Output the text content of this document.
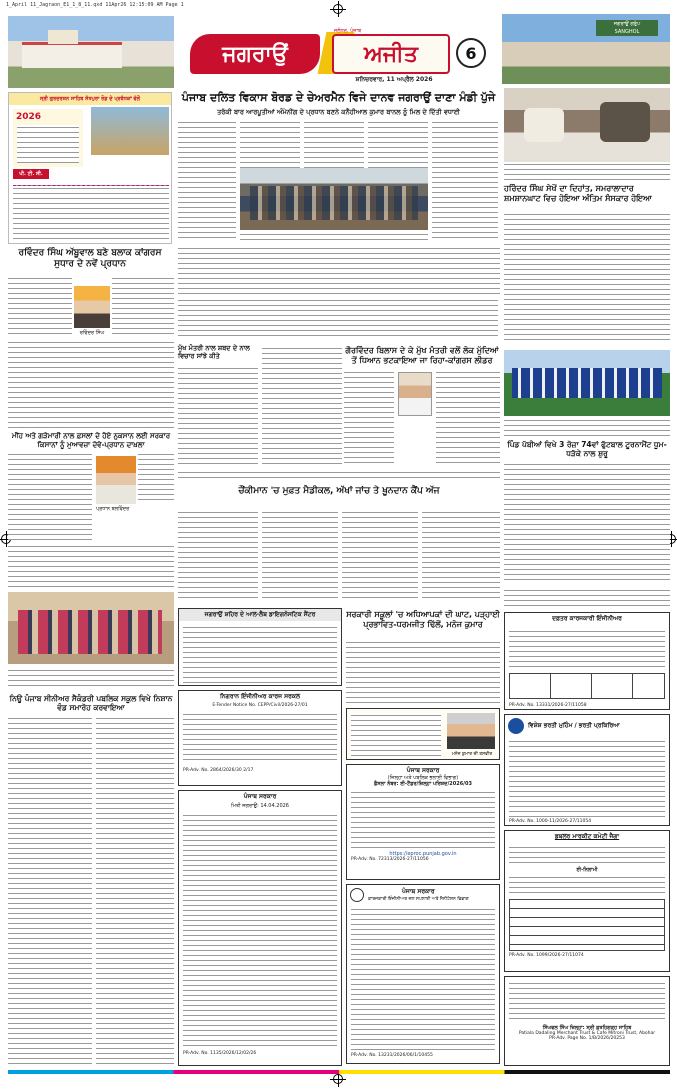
1_April 11_Jagraon_E1_1_8_11.qxd 11Apr26 12:15:09 AM Page 1
ਜਗਰਾਉਂ	ਅਜੀਤ
ਜਲੰਧਰ, ਪੰਜਾਬ
ਸ਼ਨਿਚਰਵਾਰ, 11 ਅਪ੍ਰੈਲ 2026
6
ਜਗਰਾਉਂ ਗਰੁੱਪ
SANGHOL
ਸ੍ਰੀ ਗੁਰਦਰਸ਼ਨ ਸਾਹਿਬ ਸੰਤਪੁਰਾ ਰੋਡ ਦੇ ਪ੍ਰਬੰਧਕਾਂ ਵੱਲੋਂ
2026
ਪੀ. ਟੀ. ਸੀ.
ਪੰਜਾਬ ਦਲਿਤ ਵਿਕਾਸ ਬੋਰਡ ਦੇ ਚੇਅਰਮੈਨ ਵਿਜੇ ਦਾਨਵ ਜਗਰਾਉਂ ਦਾਣਾ ਮੰਡੀ ਪੁੱਜੇ
ਤਰੱਕੀ ਬਾਰ ਆਰਪੂਤੀਆਂ ਅੰਮੇਨੀਂਗ ਦੇ ਪ੍ਰਧਾਨ ਬਣਨੇ ਕਨੈਹੀਆਲ ਕੁਮਾਰ ਬਾਨਲ ਨੂੰ ਮਿਲ ਦੇ ਦਿੱਤੀ ਵਧਾਈ
ਹਰਿੰਦਰ ਸਿੰਘ ਸੇਖੋਂ ਦਾ ਦਿਹਾਂਤ, ਸਮਰਾਲਾਦਾਰ ਸ਼ਮਸ਼ਾਨਘਾਟ ਵਿਚ ਹੋਇਆ ਅੰਤਿਮ ਸੰਸਕਾਰ ਹੋਇਆ
ਰਵਿੰਦਰ ਸਿੰਘ ਅੱਬੂਵਾਲ ਬਣੇ ਬਲਾਕ ਕਾਂਗਰਸ ਸੁਧਾਰ ਦੇ ਨਵੇਂ ਪ੍ਰਧਾਨ
ਰਵਿੰਦਰ ਸਿੰਘ
ਮੁੱਖ ਮੰਤਰੀ ਨਾਲ ਸ਼ਬਦ ਦੇ ਨਾਲ ਵਿਚਾਰ ਸਾਂਝੇ ਕੀਤੇ
ਗੌਰਵਿੰਦਰ ਬਿਲਾਸ ਦੇ ਕੇ ਮੁੱਖ ਮੰਤਰੀ ਵਲੋਂ ਲੋਕ ਮੁੱਦਿਆਂ ਤੋਂ ਧਿਆਨ ਭਟਕਾਇਆ ਜਾ ਰਿਹਾ-ਕਾਂਗਰਸ ਲੀਡਰ
ਪਿੰਡ ਪੱਬੀਆਂ ਵਿਖੇ 3 ਰੋਜ਼ਾ 74ਵਾਂ ਫੁੱਟਬਾਲ ਟੂਰਨਾਮੈਂਟ ਧੂਮ-ਧੜੱਕੇ ਨਾਲ ਸ਼ੁਰੂ
ਮੀਂਹ ਅਤੇ ਗੜੇਮਾਰੀ ਨਾਲ ਫ਼ਸਲਾਂ ਦੇ ਹੋਏ ਨੁਕਸਾਨ ਲਈ ਸਰਕਾਰ ਕਿਸਾਨਾਂ ਨੂੰ ਮੁਆਵਜ਼ਾ ਦੇਵੇ-ਪ੍ਰਧਾਨ ਦਾਖ਼ਲਾ
ਪ੍ਰਧਾਨ ਬਲਵਿੰਦਰ
ਚੌਂਕੀਮਾਨ 'ਚ ਮੁਫ਼ਤ ਮੈਡੀਕਲ, ਅੱਖਾਂ ਜਾਂਚ ਤੇ ਖ਼ੂਨਦਾਨ ਕੈਂਪ ਅੱਜ
ਜਗਰਾਉਂ ਸ਼ਹਿਰ ਦੇ ਆਲ-ਲੈਬ ਡਾਇਗਨੋਸਟਿਕ ਸੈਂਟਰ	ਸਰਕਾਰੀ ਸਕੂਲਾਂ 'ਚ ਅਧਿਆਪਕਾਂ ਦੀ ਘਾਟ, ਪੜ੍ਹਾਈ ਪ੍ਰਭਾਵਿਤ-ਧਰਮਜੀਤ ਢਿੱਲੋਂ, ਮਨੋਜ ਕੁਮਾਰ
ਮਨੋਜ ਕੁਮਾਰ ਦੀ ਤਸਵੀਰ
ਨਿਊ ਪੰਜਾਬ ਸੀਨੀਅਰ ਸੈਕੰਡਰੀ ਪਬਲਿਕ ਸਕੂਲ ਵਿਖੇ ਨਿਸ਼ਾਨ ਵੰਡ ਸਮਾਰੋਹ ਕਰਵਾਇਆ
ਨਿਗਰਾਨ ਇੰਜੀਨੀਅਰ ਕਾਰਜ ਸਰਕਲ
E-Tender Notice No. CEPP/Civil/2026-27/01
PR-Adv. No. 2864/2026/30 2/17
ਪੰਜਾਬ ਸਰਕਾਰ
ਮਿਤੀ ਜਗਰਾਉਂ: 14.04.2026
PR-Adv. No. 1135/2026/12/02/26
ਪੰਜਾਬ ਸਰਕਾਰ
(ਜਿਲ੍ਹਾ ਅਤੇ ਪਬਲਿਕ ਭਲਾਈ ਵਿਭਾਗ)
ਫ਼ੈਸਲਾ ਨੰਬਰ: ਈ-ਟੈਂਡਰ/ਜ਼ਿਲ੍ਹਾ ਪਰਿਸ਼ਦ/2026/03
https://eproc.punjab.gov.in
PR-Adv. No. 72313/2026-27/11056
ਪੰਜਾਬ ਸਰਕਾਰ
ਕਾਰਜਕਾਰੀ ਇੰਜੀਨੀਅਰ ਜਲ ਸਪਲਾਈ ਅਤੇ ਸੈਨੀਟੇਸ਼ਨ ਵਿਭਾਗ
PR-Adv. No. 13231/2026/06/1/10455
ਦਫ਼ਤਰ ਕਾਰਜਕਾਰੀ ਇੰਜੀਨੀਅਰ
PR-Adv. No. 13331/2026-27/11058
ਵਿਸ਼ੇਸ਼ ਭਰਤੀ ਮੁਹਿੰਮ / ਭਰਤੀ ਪ੍ਰਕਿਰਿਆ
PR-Adv. No. 1000-11/2026-27/11054
ਡਬਲਰ ਮਾਰਕੀਟ ਕਮੇਟੀ ਜੈਗਾ
ਈ-ਨਿਲਾਮੀ
PR-Adv. No. 1099/2026-27/11074
ਸਿੰਘਵਲ ਸਿੰਘ ਜ਼ਿਲ੍ਹਾ: ਸ੍ਰੀ ਫ਼ਤਹਿਗੜ੍ਹ ਸਾਹਿਬ
Patiala Dadaling Merchant Trust & Cafe Mitroni Trust, Abohar
PR-Adv. Page No. 1/B/2026/20253
